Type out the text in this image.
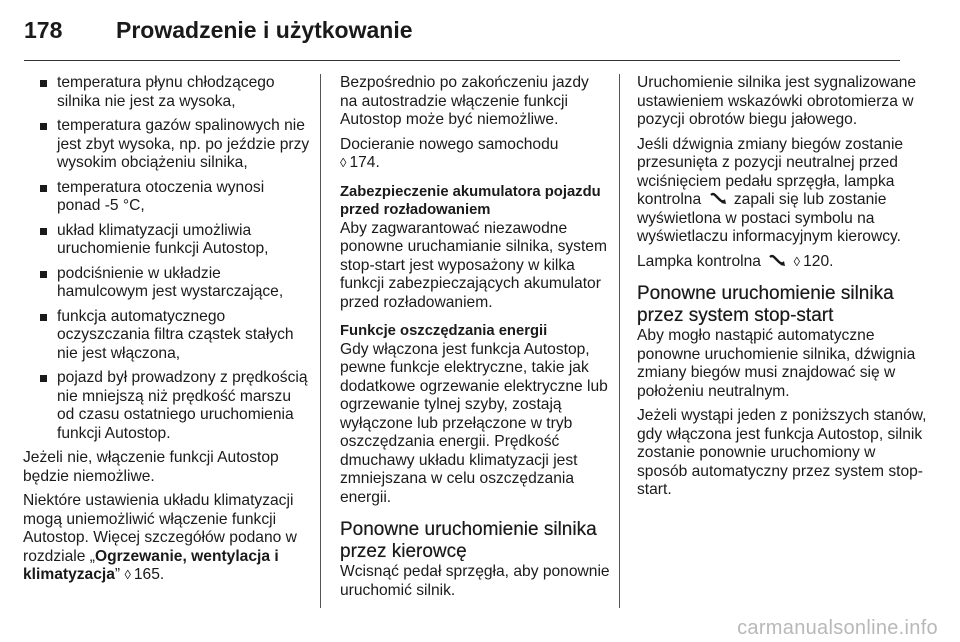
178	Prowadzenie i użytkowanie
temperatura płynu chłodzącego silnika nie jest za wysoka,
temperatura gazów spalinowych nie jest zbyt wysoka, np. po jeździe przy wysokim obciążeniu silnika,
temperatura otoczenia wynosi ponad -5 °C,
układ klimatyzacji umożliwia uruchomienie funkcji Autostop,
podciśnienie w układzie hamulcowym jest wystarczające,
funkcja automatycznego oczyszczania filtra cząstek stałych nie jest włączona,
pojazd był prowadzony z prędkością nie mniejszą niż prędkość marszu od czasu ostatniego uruchomienia funkcji Autostop.

Jeżeli nie, włączenie funkcji Autostop będzie niemożliwe.

Niektóre ustawienia układu klimatyzacji mogą uniemożliwić włączenie funkcji Autostop. Więcej szczegółów podano w rozdziale „Ogrzewanie, wentylacja i klimatyzacja” ◊ 165.

Bezpośrednio po zakończeniu jazdy na autostradzie włączenie funkcji Autostop może być niemożliwe.

Docieranie nowego samochodu
◊ 174.

Zabezpieczenie akumulatora pojazdu przed rozładowaniem

Aby zagwarantować niezawodne ponowne uruchamianie silnika, system stop-start jest wyposażony w kilka funkcji zabezpieczających akumulator przed rozładowaniem.

Funkcje oszczędzania energii

Gdy włączona jest funkcja Autostop, pewne funkcje elektryczne, takie jak dodatkowe ogrzewanie elektryczne lub ogrzewanie tylnej szyby, zostają wyłączone lub przełączone w tryb oszczędzania energii. Prędkość dmuchawy układu klimatyzacji jest zmniejszana w celu oszczędzania energii.

Ponowne uruchomienie silnika przez kierowcę

Wcisnąć pedał sprzęgła, aby ponownie uruchomić silnik.

Uruchomienie silnika jest sygnalizowane ustawieniem wskazówki obrotomierza w pozycji obrotów biegu jałowego.

Jeśli dźwignia zmiany biegów zostanie przesunięta z pozycji neutralnej przed wciśnięciem pedału sprzęgła, lampka kontrolna zapali się lub zostanie wyświetlona w postaci symbolu na wyświetlaczu informacyjnym kierowcy.

Lampka kontrolna	◊ 120.

Ponowne uruchomienie silnika przez system stop-start

Aby mogło nastąpić automatyczne ponowne uruchomienie silnika, dźwignia zmiany biegów musi znajdować się w położeniu neutralnym.

Jeżeli wystąpi jeden z poniższych stanów, gdy włączona jest funkcja Autostop, silnik zostanie ponownie uruchomiony w sposób automatyczny przez system stop-start.

carmanualsonline.info
